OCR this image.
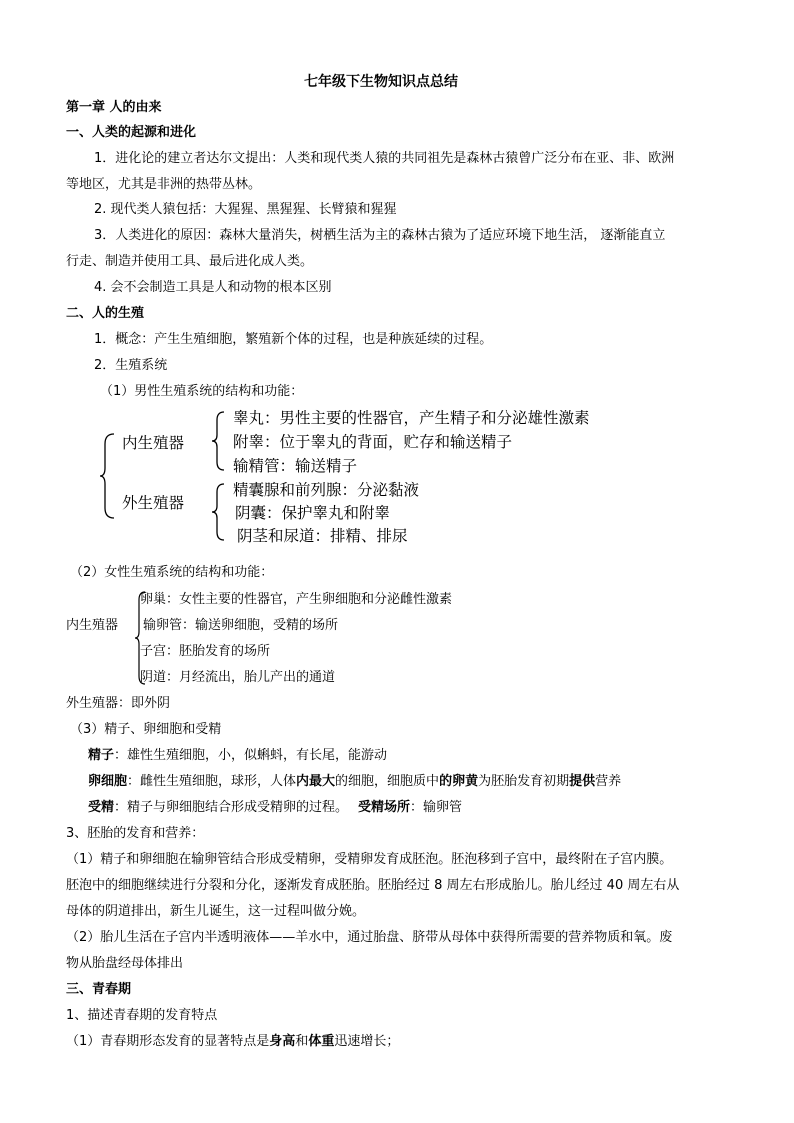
七年级下生物知识点总结
第一章 人的由来
一、人类的起源和进化
1．进化论的建立者达尔文提出：人类和现代类人猿的共同祖先是森林古猿曾广泛分布在亚、非、欧洲
等地区，尤其是非洲的热带丛林。
2. 现代类人猿包括：大猩猩、黑猩猩、长臂猿和猩猩
3．人类进化的原因：森林大量消失，树栖生活为主的森林古猿为了适应环境下地生活， 逐渐能直立
行走、制造并使用工具、最后进化成人类。
4. 会不会制造工具是人和动物的根本区别
二、人的生殖
1．概念：产生生殖细胞，繁殖新个体的过程，也是种族延续的过程。
2．生殖系统
（1）男性生殖系统的结构和功能：
内生殖器
睾丸：男性主要的性器官，产生精子和分泌雄性激素
附睾：位于睾丸的背面，贮存和输送精子
输精管：输送精子
外生殖器
精囊腺和前列腺：分泌黏液
阴囊：保护睾丸和附睾
阴茎和尿道：排精、排尿
（2）女性生殖系统的结构和功能：
内生殖器
卵巢：女性主要的性器官，产生卵细胞和分泌雌性激素
输卵管：输送卵细胞，受精的场所
子宫：胚胎发育的场所
阴道：月经流出，胎儿产出的通道
外生殖器：即外阴
（3）精子、卵细胞和受精
精子：雄性生殖细胞，小，似蝌蚪，有长尾，能游动
卵细胞：雌性生殖细胞，球形，人体内最大的细胞，细胞质中的卵黄为胚胎发育初期提供营养
受精：精子与卵细胞结合形成受精卵的过程。 受精场所：输卵管
3、胚胎的发育和营养：
（1）精子和卵细胞在输卵管结合形成受精卵，受精卵发育成胚泡。胚泡移到子宫中，最终附在子宫内膜。
胚泡中的细胞继续进行分裂和分化，逐渐发育成胚胎。胚胎经过 8 周左右形成胎儿。胎儿经过 40 周左右从
母体的阴道排出，新生儿诞生，这一过程叫做分娩。
（2）胎儿生活在子宫内半透明液体——羊水中，通过胎盘、脐带从母体中获得所需要的营养物质和氧。废
物从胎盘经母体排出
三、青春期
1、描述青春期的发育特点
（1）青春期形态发育的显著特点是身高和体重迅速增长；
